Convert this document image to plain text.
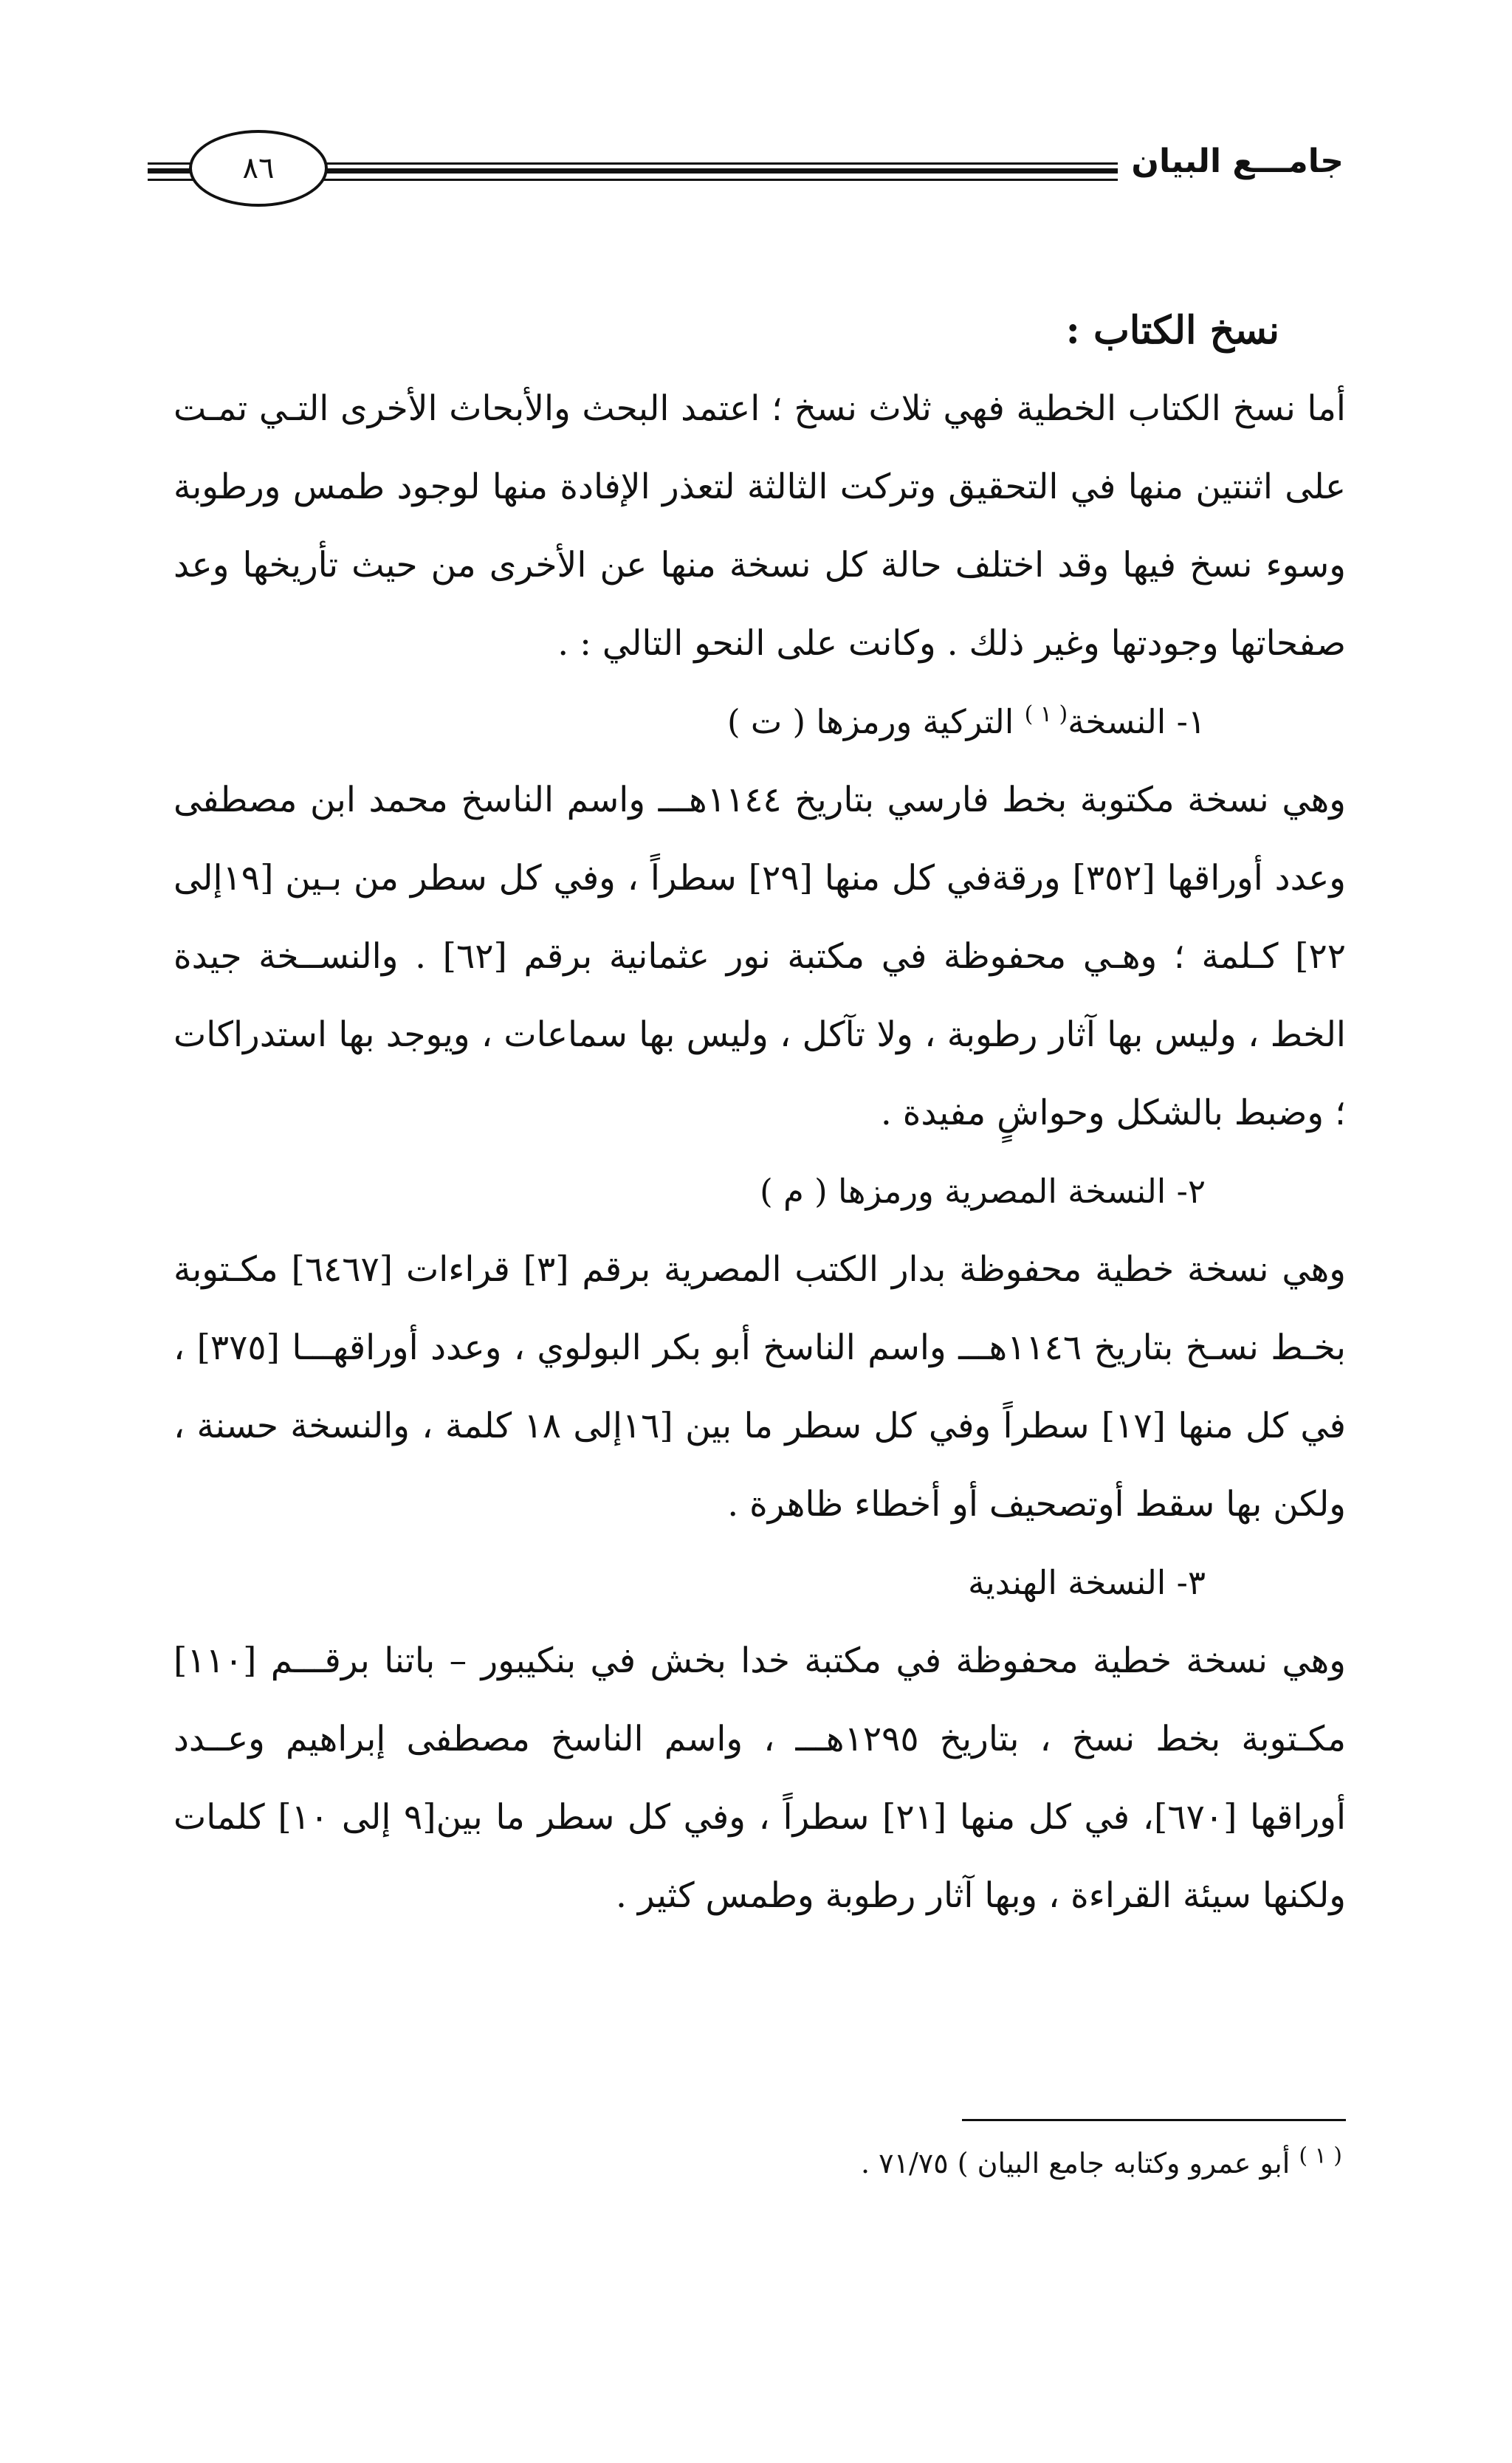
٨٦	جامـــع البيان

نسخ الكتاب :

أما نسخ الكتاب الخطية فهي ثلاث نسخ ؛ اعتمد البحث والأبحاث الأخرى التـي تمـت على اثنتين منها في التحقيق وتركت الثالثة لتعذر الإفادة منها لوجود طمس ورطوبة وسوء نسخ فيها وقد اختلف حالة كل نسخة منها عن الأخرى من حيث تأريخها وعد صفحاتها وجودتها وغير ذلك . وكانت على النحو التالي : .

١- النسخة$^{( ١ )}$ التركية ورمزها ( ت )

وهي نسخة مكتوبة بخط فارسي بتاريخ ١١٤٤هـــ واسم الناسخ محمد ابن مصطفى وعدد أوراقها [٣٥٢] ورقةفي كل منها [٢٩] سطراً ، وفي كل سطر من بـين [١٩إلى ٢٢] كـلمة ؛ وهـي محفوظة في مكتبة نور عثمانية برقم [٦٢] . والنســخة جيدة الخط ، وليس بها آثار رطوبة ، ولا تآكل ، وليس بها سماعات ، ويوجد بها استدراكات ؛ وضبط بالشكل وحواشٍ مفيدة .

٢- النسخة المصرية ورمزها ( م )

وهي نسخة خطية محفوظة بدار الكتب المصرية برقم [٣] قراءات [٦٤٦٧] مكـتوبة بخـط نسـخ بتاريخ ١١٤٦هـــ واسم الناسخ أبو بكر البولوي ، وعدد أوراقهـــا [٣٧٥] ، في كل منها [١٧] سطراً وفي كل سطر ما بين [١٦إلى ١٨ كلمة ، والنسخة حسنة ، ولكن بها سقط أوتصحيف أو أخطاء ظاهرة .

٣- النسخة الهندية

وهي نسخة خطية محفوظة في مكتبة خدا بخش في بنكيبور – باتنا برقـــم [١١٠] مكـتوبة بخط نسخ ، بتاريخ ١٢٩٥هـــ ، واسم الناسخ مصطفى إبراهيم وعــدد أوراقها [٦٧٠]، في كل منها [٢١] سطراً ، وفي كل سطر ما بين[٩ إلى ١٠] كلمات ولكنها سيئة القراءة ، وبها آثار رطوبة وطمس كثير .

$^{( ١ )}$ أبو عمرو وكتابه جامع البيان ) ٧١/٧٥ .
